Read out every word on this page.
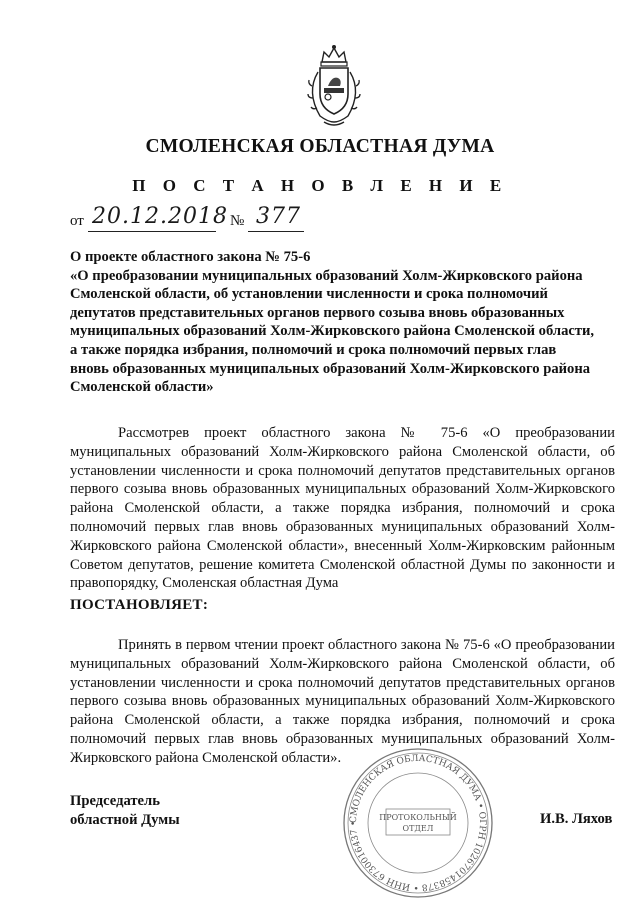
СМОЛЕНСКАЯ ОБЛАСТНАЯ ДУМА
П О С Т А Н О В Л Е Н И Е
от 20.12.2018 № 377
О проекте областного закона № 75-6
«О преобразовании муниципальных образований Холм-Жирковского района
Смоленской области, об установлении численности и срока полномочий
депутатов представительных органов первого созыва вновь образованных
муниципальных образований Холм-Жирковского района Смоленской области,
а также порядка избрания, полномочий и срока полномочий первых глав
вновь образованных муниципальных образований Холм-Жирковского района
Смоленской области»
Рассмотрев проект областного закона № 75-6 «О преобразовании муниципальных образований Холм-Жирковского района Смоленской области, об установлении численности и срока полномочий депутатов представительных органов первого созыва вновь образованных муниципальных образований Холм-Жирковского района Смоленской области, а также порядка избрания, полномочий и срока полномочий первых глав вновь образованных муниципальных образований Холм-Жирковского района Смоленской области», внесенный Холм-Жирковским районным Советом депутатов, решение комитета Смоленской областной Думы по законности и правопорядку, Смоленская областная Дума
ПОСТАНОВЛЯЕТ:
Принять в первом чтении проект областного закона № 75-6 «О преобразовании муниципальных образований Холм-Жирковского района Смоленской области, об установлении численности и срока полномочий депутатов представительных органов первого созыва вновь образованных муниципальных образований Холм-Жирковского района Смоленской области, а также порядка избрания, полномочий и срока полномочий первых глав вновь образованных муниципальных образований Холм-Жирковского района Смоленской области».
СМОЛЕНСКАЯ ОБЛАСТНАЯ ДУМА • ОГРН 1026701458378 • ИНН 6730016437 •
ПРОТОКОЛЬНЫЙ
ОТДЕЛ
Председатель
областной Думы	И.В. Ляхов
